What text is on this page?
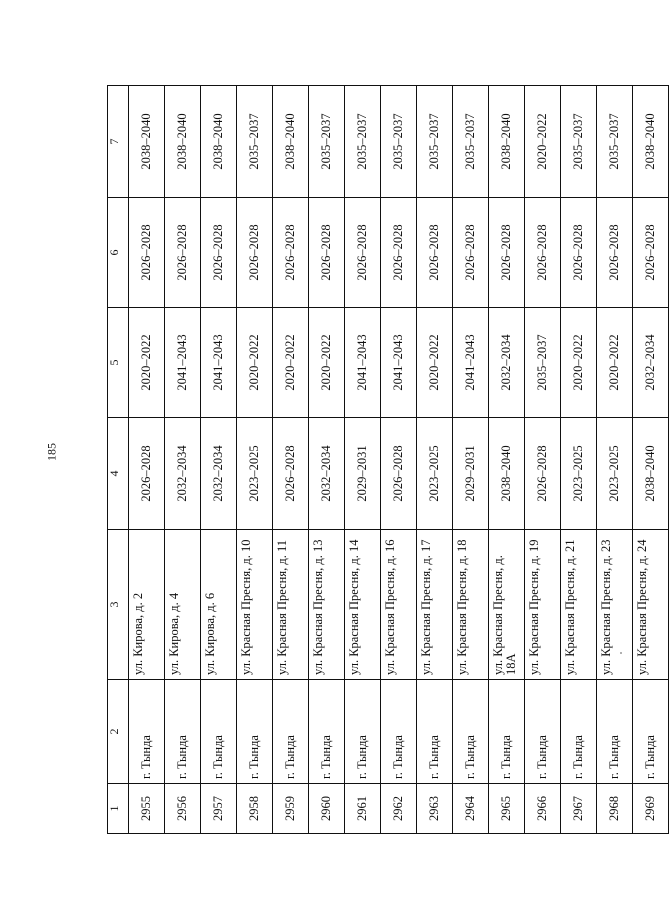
185
1	2	3	4	5	6	7
2955	г. Тында	ул. Кирова, д. 2	2026–2028	2020–2022	2026–2028	2038–2040
2956	г. Тында	ул. Кирова, д. 4	2032–2034	2041–2043	2026–2028	2038–2040
2957	г. Тында	ул. Кирова, д. 6	2032–2034	2041–2043	2026–2028	2038–2040
2958	г. Тында	ул. Красная Пресня, д. 10	2023–2025	2020–2022	2026–2028	2035–2037
2959	г. Тында	ул. Красная Пресня, д. 11	2026–2028	2020–2022	2026–2028	2038–2040
2960	г. Тында	ул. Красная Пресня, д. 13	2032–2034	2020–2022	2026–2028	2035–2037
2961	г. Тында	ул. Красная Пресня, д. 14	2029–2031	2041–2043	2026–2028	2035–2037
2962	г. Тында	ул. Красная Пресня, д. 16	2026–2028	2041–2043	2026–2028	2035–2037
2963	г. Тында	ул. Красная Пресня, д. 17	2023–2025	2020–2022	2026–2028	2035–2037
2964	г. Тында	ул. Красная Пресня, д. 18	2029–2031	2041–2043	2026–2028	2035–2037
2965	г. Тында	ул. Красная Пресня, д. 18А	2038–2040	2032–2034	2026–2028	2038–2040
2966	г. Тында	ул. Красная Пресня, д. 19	2026–2028	2035–2037	2026–2028	2020–2022
2967	г. Тында	ул. Красная Пресня, д. 21	2023–2025	2020–2022	2026–2028	2035–2037
2968	г. Тында	ул. Красная Пресня, д. 23	2023–2025	2020–2022	2026–2028	2035–2037
2969	г. Тында	ул. Красная Пресня, д. 24	2038–2040	2032–2034	2026–2028	2038–2040
